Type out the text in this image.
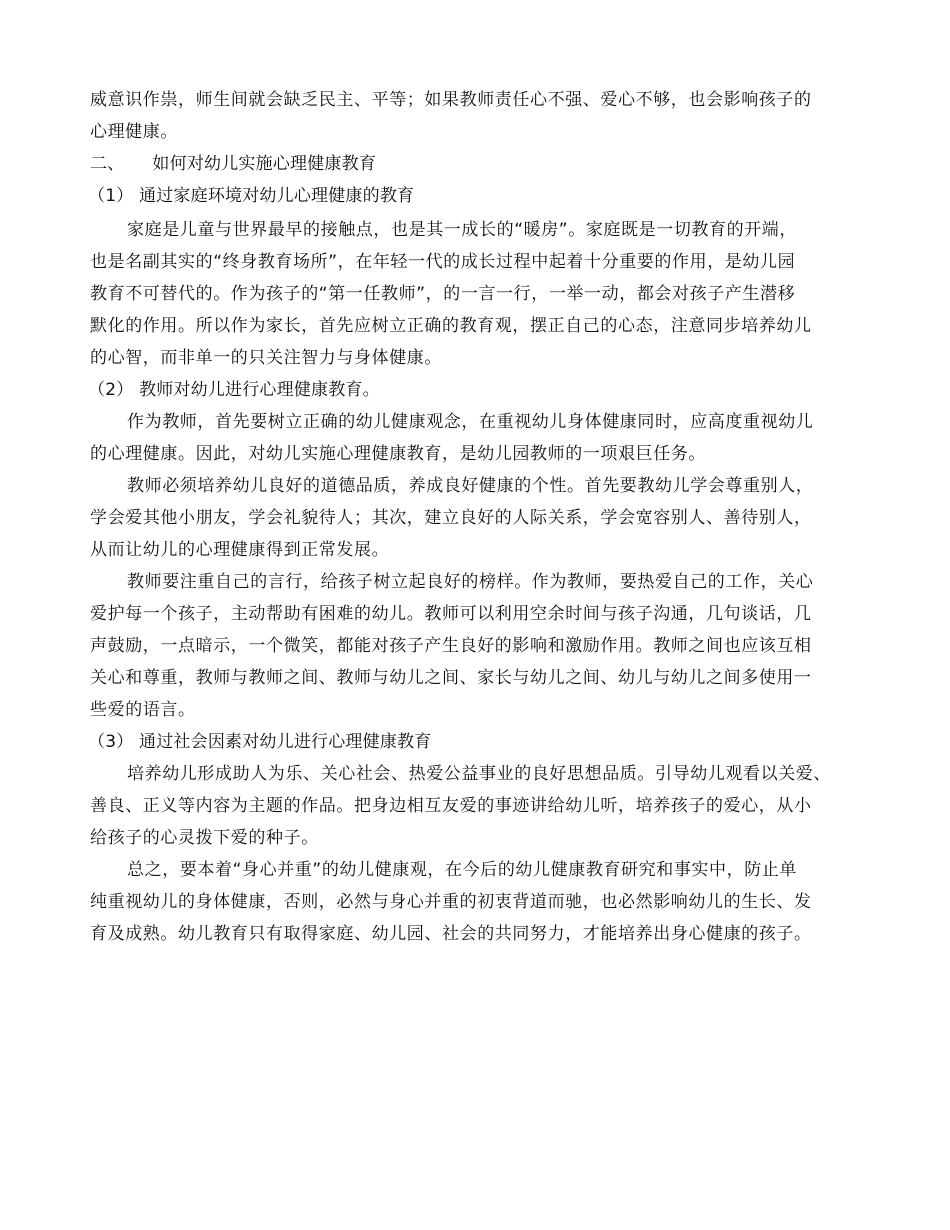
威意识作祟，师生间就会缺乏民主、平等；如果教师责任心不强、爱心不够，也会影响孩子的
心理健康。
二、     如何对幼儿实施心理健康教育
（1） 通过家庭环境对幼儿心理健康的教育
家庭是儿童与世界最早的接触点，也是其一成长的“暖房”。家庭既是一切教育的开端，
也是名副其实的“终身教育场所”，在年轻一代的成长过程中起着十分重要的作用，是幼儿园
教育不可替代的。作为孩子的“第一任教师”，的一言一行，一举一动，都会对孩子产生潜移
默化的作用。所以作为家长，首先应树立正确的教育观，摆正自己的心态，注意同步培养幼儿
的心智，而非单一的只关注智力与身体健康。
（2） 教师对幼儿进行心理健康教育。
作为教师，首先要树立正确的幼儿健康观念，在重视幼儿身体健康同时，应高度重视幼儿
的心理健康。因此，对幼儿实施心理健康教育，是幼儿园教师的一项艰巨任务。
教师必须培养幼儿良好的道德品质，养成良好健康的个性。首先要教幼儿学会尊重别人，
学会爱其他小朋友，学会礼貌待人；其次，建立良好的人际关系，学会宽容别人、善待别人，
从而让幼儿的心理健康得到正常发展。
教师要注重自己的言行，给孩子树立起良好的榜样。作为教师，要热爱自己的工作，关心
爱护每一个孩子，主动帮助有困难的幼儿。教师可以利用空余时间与孩子沟通，几句谈话，几
声鼓励，一点暗示，一个微笑，都能对孩子产生良好的影响和激励作用。教师之间也应该互相
关心和尊重，教师与教师之间、教师与幼儿之间、家长与幼儿之间、幼儿与幼儿之间多使用一
些爱的语言。
（3） 通过社会因素对幼儿进行心理健康教育
培养幼儿形成助人为乐、关心社会、热爱公益事业的良好思想品质。引导幼儿观看以关爱、
善良、正义等内容为主题的作品。把身边相互友爱的事迹讲给幼儿听，培养孩子的爱心，从小
给孩子的心灵拨下爱的种子。
总之，要本着“身心并重”的幼儿健康观，在今后的幼儿健康教育研究和事实中，防止单
纯重视幼儿的身体健康，否则，必然与身心并重的初衷背道而驰，也必然影响幼儿的生长、发
育及成熟。幼儿教育只有取得家庭、幼儿园、社会的共同努力，才能培养出身心健康的孩子。
